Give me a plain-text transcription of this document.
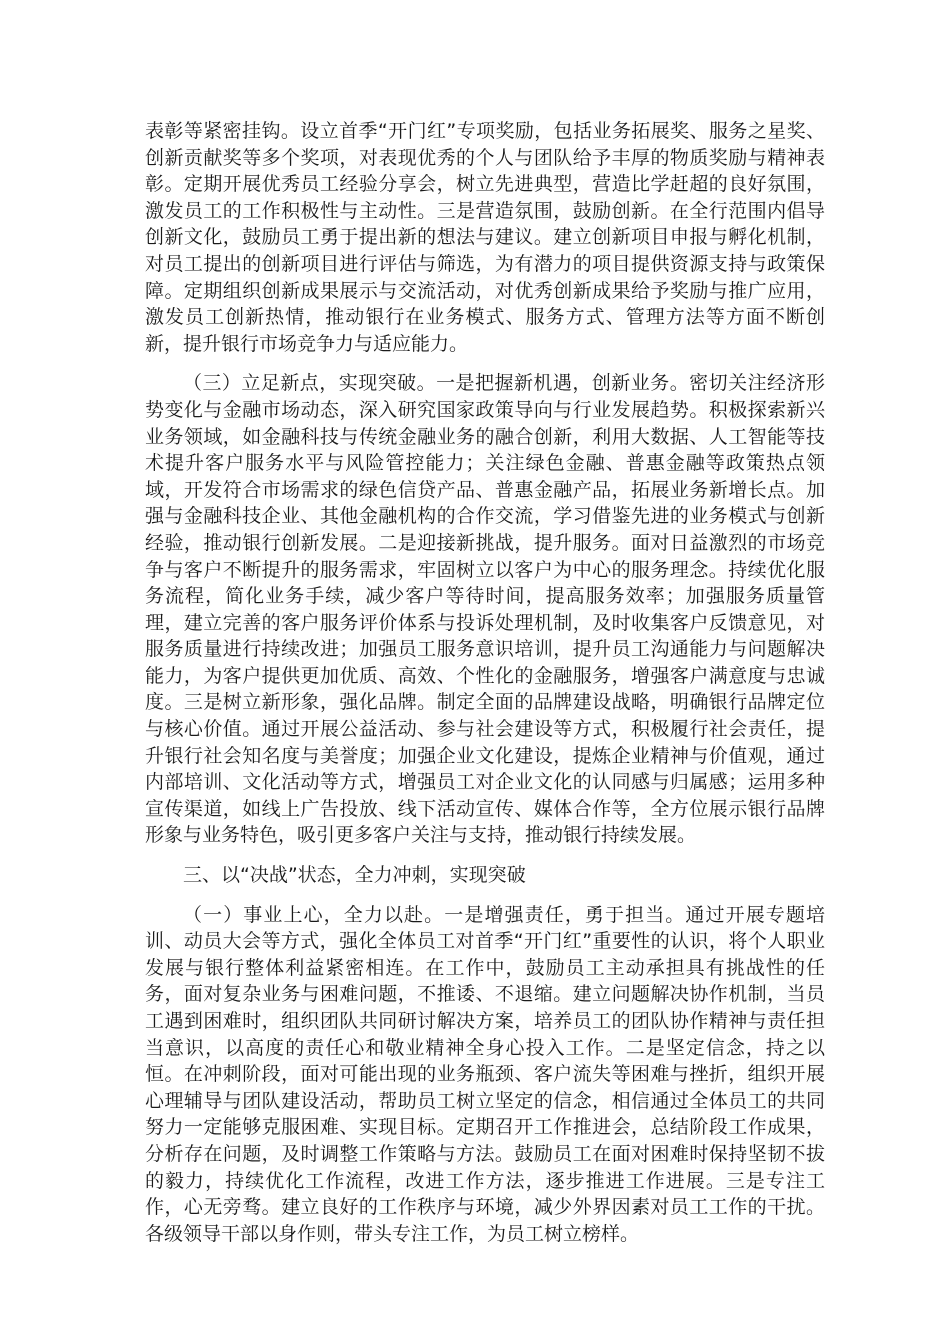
表彰等紧密挂钩。设立首季“开门红”专项奖励，包括业务拓展奖、服务之星奖、创新贡献奖等多个奖项，对表现优秀的个人与团队给予丰厚的物质奖励与精神表彰。定期开展优秀员工经验分享会，树立先进典型，营造比学赶超的良好氛围，激发员工的工作积极性与主动性。三是营造氛围，鼓励创新。在全行范围内倡导创新文化，鼓励员工勇于提出新的想法与建议。建立创新项目申报与孵化机制，对员工提出的创新项目进行评估与筛选，为有潜力的项目提供资源支持与政策保障。定期组织创新成果展示与交流活动，对优秀创新成果给予奖励与推广应用，激发员工创新热情，推动银行在业务模式、服务方式、管理方法等方面不断创新，提升银行市场竞争力与适应能力。

（三）立足新点，实现突破。一是把握新机遇，创新业务。密切关注经济形势变化与金融市场动态，深入研究国家政策导向与行业发展趋势。积极探索新兴业务领域，如金融科技与传统金融业务的融合创新，利用大数据、人工智能等技术提升客户服务水平与风险管控能力；关注绿色金融、普惠金融等政策热点领域，开发符合市场需求的绿色信贷产品、普惠金融产品，拓展业务新增长点。加强与金融科技企业、其他金融机构的合作交流，学习借鉴先进的业务模式与创新经验，推动银行创新发展。二是迎接新挑战，提升服务。面对日益激烈的市场竞争与客户不断提升的服务需求，牢固树立以客户为中心的服务理念。持续优化服务流程，简化业务手续，减少客户等待时间，提高服务效率；加强服务质量管理，建立完善的客户服务评价体系与投诉处理机制，及时收集客户反馈意见，对服务质量进行持续改进；加强员工服务意识培训，提升员工沟通能力与问题解决能力，为客户提供更加优质、高效、个性化的金融服务，增强客户满意度与忠诚度。三是树立新形象，强化品牌。制定全面的品牌建设战略，明确银行品牌定位与核心价值。通过开展公益活动、参与社会建设等方式，积极履行社会责任，提升银行社会知名度与美誉度；加强企业文化建设，提炼企业精神与价值观，通过内部培训、文化活动等方式，增强员工对企业文化的认同感与归属感；运用多种宣传渠道，如线上广告投放、线下活动宣传、媒体合作等，全方位展示银行品牌形象与业务特色，吸引更多客户关注与支持，推动银行持续发展。

三、以“决战”状态，全力冲刺，实现突破

（一）事业上心，全力以赴。一是增强责任，勇于担当。通过开展专题培训、动员大会等方式，强化全体员工对首季“开门红”重要性的认识，将个人职业发展与银行整体利益紧密相连。在工作中，鼓励员工主动承担具有挑战性的任务，面对复杂业务与困难问题，不推诿、不退缩。建立问题解决协作机制，当员工遇到困难时，组织团队共同研讨解决方案，培养员工的团队协作精神与责任担当意识，以高度的责任心和敬业精神全身心投入工作。二是坚定信念，持之以恒。在冲刺阶段，面对可能出现的业务瓶颈、客户流失等困难与挫折，组织开展心理辅导与团队建设活动，帮助员工树立坚定的信念，相信通过全体员工的共同努力一定能够克服困难、实现目标。定期召开工作推进会，总结阶段工作成果，分析存在问题，及时调整工作策略与方法。鼓励员工在面对困难时保持坚韧不拔的毅力，持续优化工作流程，改进工作方法，逐步推进工作进展。三是专注工作，心无旁骛。建立良好的工作秩序与环境，减少外界因素对员工工作的干扰。各级领导干部以身作则，带头专注工作，为员工树立榜样。
